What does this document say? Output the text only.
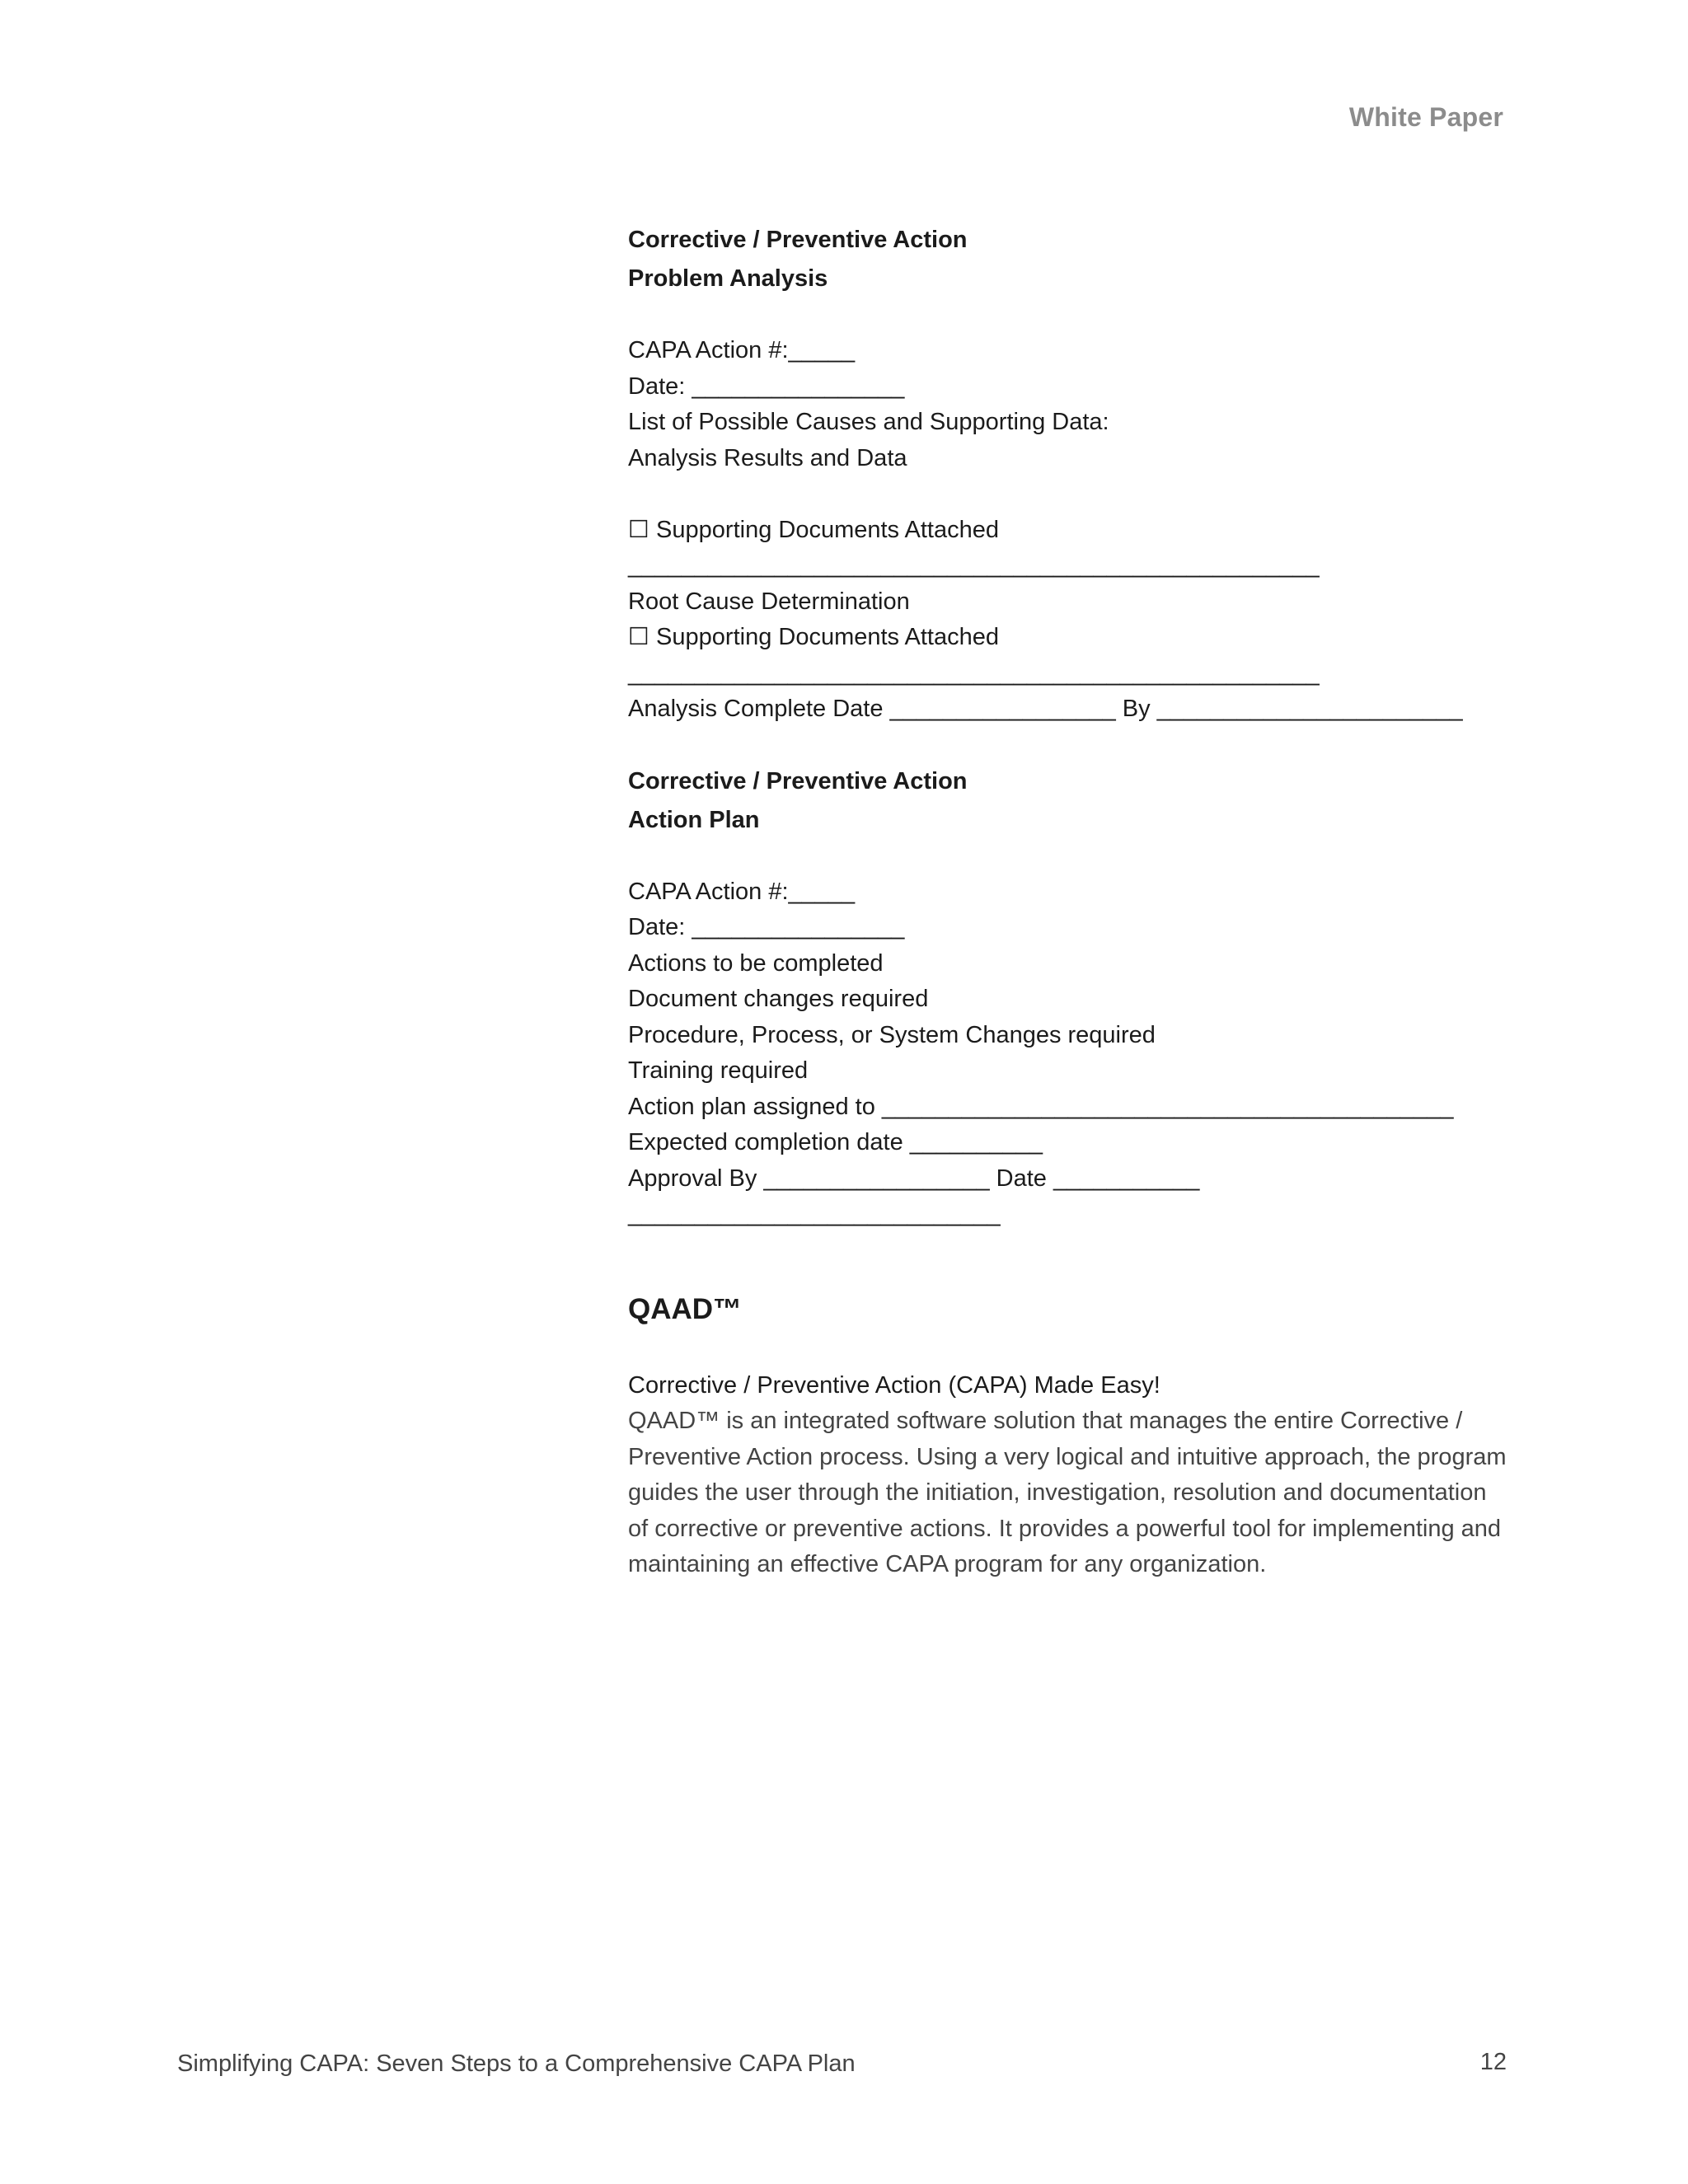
White Paper

Corrective / Preventive Action

Problem Analysis

CAPA Action #:_____
Date: ________________
List of Possible Causes and Supporting Data:
Analysis Results and Data
☐ Supporting Documents Attached
____________________________________________________
Root Cause Determination
☐ Supporting Documents Attached
____________________________________________________
Analysis Complete Date _________________ By _______________________

Corrective / Preventive Action

Action Plan

CAPA Action #:_____
Date: ________________
Actions to be completed
Document changes required
Procedure, Process, or System Changes required
Training required
Action plan assigned to ___________________________________________
Expected completion date __________
Approval By _________________ Date ___________
____________________________
QAAD™
Corrective / Preventive Action (CAPA) Made Easy!
QAAD™ is an integrated software solution that manages the entire Corrective /
Preventive Action process. Using a very logical and intuitive approach, the program
guides the user through the initiation, investigation, resolution and documentation
of corrective or preventive actions. It provides a powerful tool for implementing and
maintaining an effective CAPA program for any organization.
Simplifying CAPA: Seven Steps to a Comprehensive CAPA Plan	12
